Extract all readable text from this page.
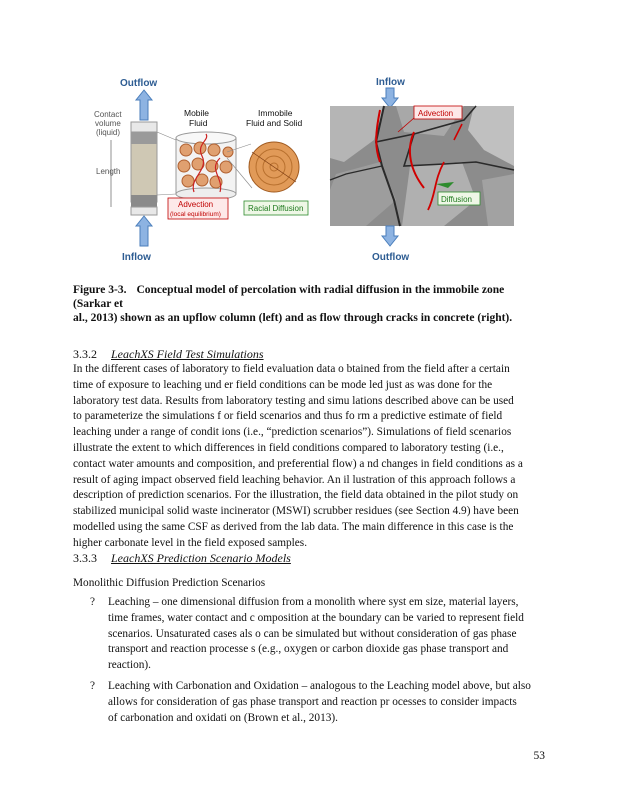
Outflow
Contact
volume
(liquid)
Length
Mobile
Fluid
Immobile
Fluid and Solid
Advection
(local equilibrium)
Racial Diffusion
Inflow
Inflow
Advection
Diffusion
Outflow
Figure 3-3. Conceptual model of percolation with radial diffusion in the immobile zone (Sarkar et
al., 2013) shown as an upflow column (left) and as flow through cracks in concrete (right).
3.3.2 LeachXS Field Test Simulations
In the different cases of laboratory to field evaluation data o btained from the field after a certain
time of exposure to leaching und er field conditions can be mode led just as was done for the
laboratory test data. Results from laboratory testing and simu lations described above can be used
to parameterize the simulations f or field scenarios and thus fo rm a predictive estimate of field
leaching under a range of condit ions (i.e., “prediction scenarios”). Simulations of field scenarios
illustrate the extent to which differences in field conditions compared to laboratory testing (i.e.,
contact water amounts and composition, and preferential flow) a nd changes in field conditions as a
result of aging impact observed field leaching behavior. An il lustration of this approach follows a
description of prediction scenarios. For the illustration, the field data obtained in the pilot study on
stabilized municipal solid waste incinerator (MSWI) scrubber residues (see Section 4.9) have been
modelled using the same CSF as derived from the lab data. The main difference in this case is the
higher carbonate level in the field exposed samples.
3.3.3 LeachXS Prediction Scenario Models
Monolithic Diffusion Prediction Scenarios
? Leaching – one dimensional diffusion from a monolith where syst em size, material layers,
time frames, water contact and c omposition at the boundary can be varied to represent field
scenarios. Unsaturated cases als o can be simulated but without consideration of gas phase
transport and reaction processe s (e.g., oxygen or carbon dioxide gas phase transport and
reaction).
? Leaching with Carbonation and Oxidation – analogous to the Leaching model above, but also
allows for consideration of gas phase transport and reaction pr ocesses to consider impacts
of carbonation and oxidati on (Brown et al., 2013).
53
